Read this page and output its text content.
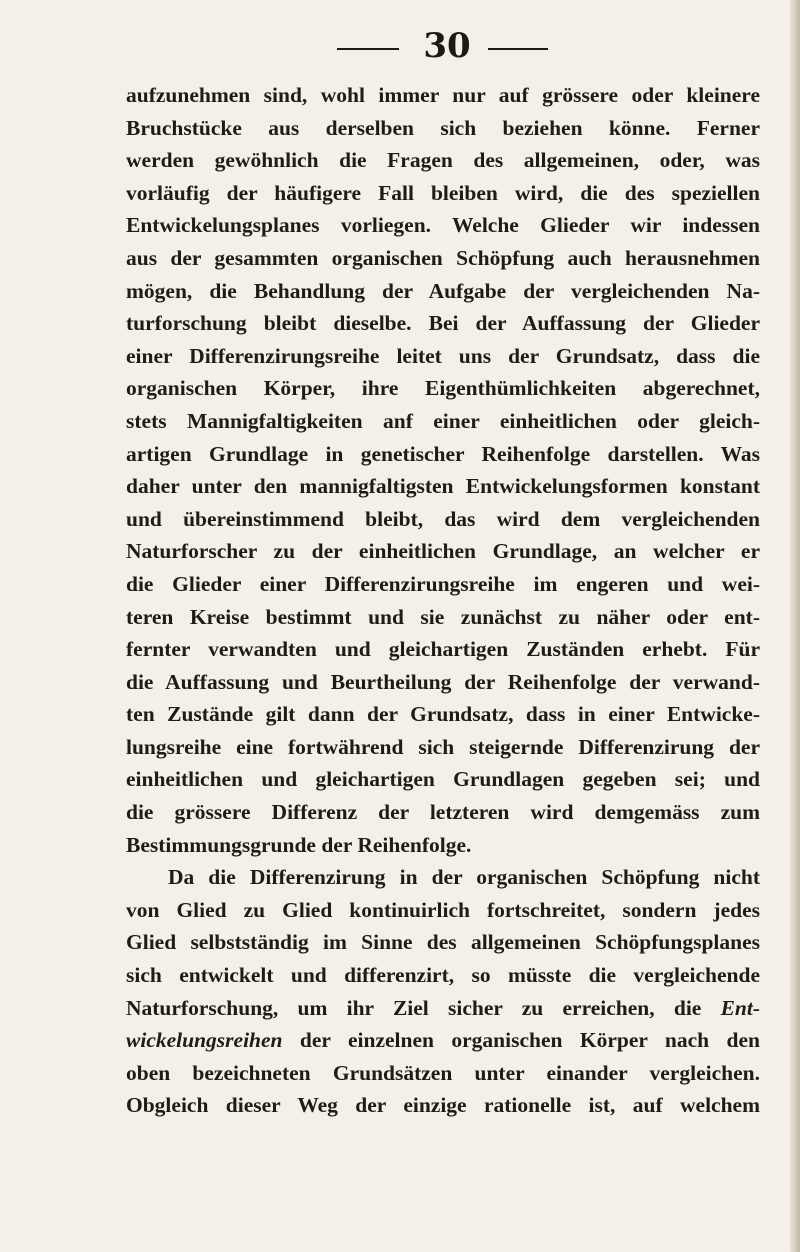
30
aufzunehmen sind, wohl immer nur auf grössere oder kleinere
Bruchstücke aus derselben sich beziehen könne. Ferner
werden gewöhnlich die Fragen des allgemeinen, oder, was
vorläufig der häufigere Fall bleiben wird, die des speziellen
Entwickelungsplanes vorliegen. Welche Glieder wir indessen
aus der gesammten organischen Schöpfung auch herausnehmen
mögen, die Behandlung der Aufgabe der vergleichenden Na-
turforschung bleibt dieselbe. Bei der Auffassung der Glieder
einer Differenzirungsreihe leitet uns der Grundsatz, dass die
organischen Körper, ihre Eigenthümlichkeiten abgerechnet,
stets Mannigfaltigkeiten anf einer einheitlichen oder gleich-
artigen Grundlage in genetischer Reihenfolge darstellen. Was
daher unter den mannigfaltigsten Entwickelungsformen konstant
und übereinstimmend bleibt, das wird dem vergleichenden
Naturforscher zu der einheitlichen Grundlage, an welcher er
die Glieder einer Differenzirungsreihe im engeren und wei-
teren Kreise bestimmt und sie zunächst zu näher oder ent-
fernter verwandten und gleichartigen Zuständen erhebt. Für
die Auffassung und Beurtheilung der Reihenfolge der verwand-
ten Zustände gilt dann der Grundsatz, dass in einer Entwicke-
lungsreihe eine fortwährend sich steigernde Differenzirung der
einheitlichen und gleichartigen Grundlagen gegeben sei; und
die grössere Differenz der letzteren wird demgemäss zum
Bestimmungsgrunde der Reihenfolge.
Da die Differenzirung in der organischen Schöpfung nicht
von Glied zu Glied kontinuirlich fortschreitet, sondern jedes
Glied selbstständig im Sinne des allgemeinen Schöpfungsplanes
sich entwickelt und differenzirt, so müsste die vergleichende
Naturforschung, um ihr Ziel sicher zu erreichen, die Ent-
wickelungsreihen der einzelnen organischen Körper nach den
oben bezeichneten Grundsätzen unter einander vergleichen.
Obgleich dieser Weg der einzige rationelle ist, auf welchem
